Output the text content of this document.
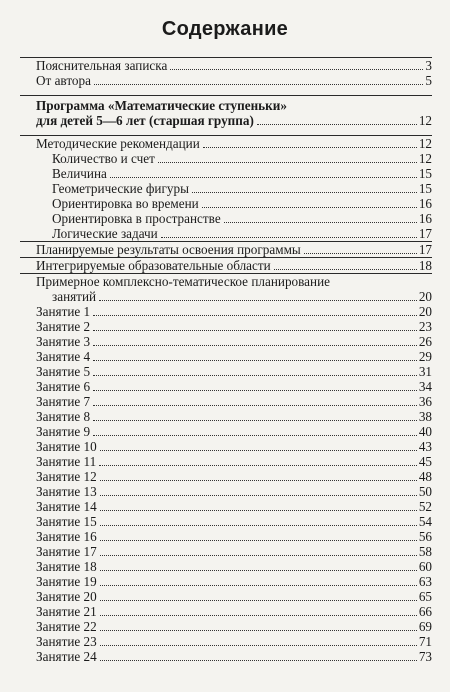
Содержание
Пояснительная записка	3
От автора	5
Программа «Математические ступеньки»
для детей 5—6 лет (старшая группа)	12
Методические рекомендации	12
Количество и счет	12
Величина	15
Геометрические фигуры	15
Ориентировка во времени	16
Ориентировка в пространстве	16
Логические задачи	17
Планируемые результаты освоения программы	17
Интегрируемые образовательные области	18
Примерное комплексно-тематическое планирование
занятий	20
Занятие 1	20
Занятие 2	23
Занятие 3	26
Занятие 4	29
Занятие 5	31
Занятие 6	34
Занятие 7	36
Занятие 8	38
Занятие 9	40
Занятие 10	43
Занятие 11	45
Занятие 12	48
Занятие 13	50
Занятие 14	52
Занятие 15	54
Занятие 16	56
Занятие 17	58
Занятие 18	60
Занятие 19	63
Занятие 20	65
Занятие 21	66
Занятие 22	69
Занятие 23	71
Занятие 24	73
